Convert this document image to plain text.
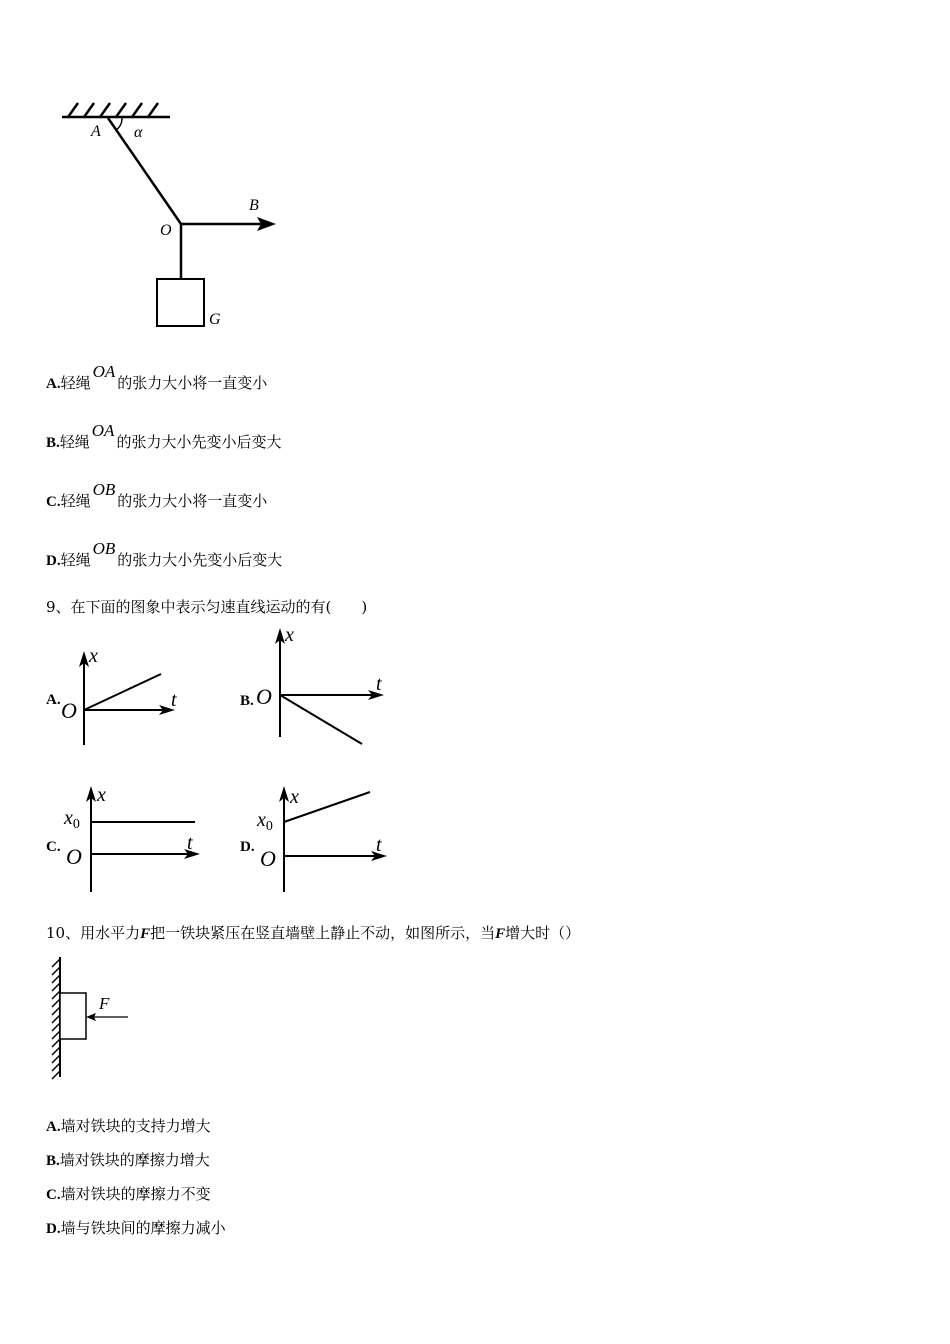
A α
O
B
G
A.轻绳OA的张力大小将一直变小
B.轻绳OA的张力大小先变小后变大
C.轻绳OB的张力大小将一直变小
D.轻绳OB的张力大小先变小后变大
9、在下面的图象中表示匀速直线运动的有(　　)
A.
x
t
O	B.
x
t
O
C.
x
t
O
$x_0$
D.
x
t
O
$x_0$
10、用水平力F把一铁块紧压在竖直墙壁上静止不动，如图所示，当F增大时（）
F
A.墙对铁块的支持力增大
B.墙对铁块的摩擦力增大
C.墙对铁块的摩擦力不变
D.墙与铁块间的摩擦力减小
